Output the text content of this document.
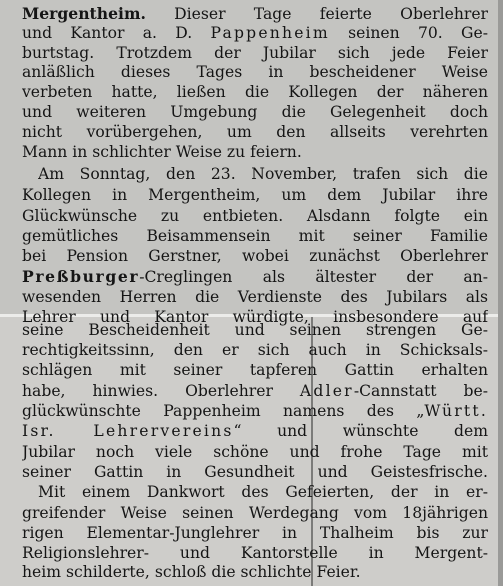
Mergentheim. Dieser Tage feierte Oberlehrer
und Kantor a. D. Pappenheim seinen 70. Ge-
burtstag. Trotzdem der Jubilar sich jede Feier
anläßlich dieses Tages in bescheidener Weise
verbeten hatte, ließen die Kollegen der näheren
und weiteren Umgebung die Gelegenheit doch
nicht vorübergehen, um den allseits verehrten
Mann in schlichter Weise zu feiern.
Am Sonntag, den 23. November, trafen sich die
Kollegen in Mergentheim, um dem Jubilar ihre
Glückwünsche zu entbieten. Alsdann folgte ein
gemütliches Beisammensein mit seiner Familie
bei Pension Gerstner, wobei zunächst Oberlehrer
Preßburger-Creglingen als ältester der an-
wesenden Herren die Verdienste des Jubilars als
Lehrer und Kantor würdigte, insbesondere auf
seine Bescheidenheit und seinen strengen Ge-
rechtigkeitssinn, den er sich auch in Schicksals-
schlägen mit seiner tapferen Gattin erhalten
habe, hinwies. Oberlehrer Adler-Cannstatt be-
glückwünschte Pappenheim namens des „Württ.
Isr. Lehrervereins“ und wünschte dem
Jubilar noch viele schöne und frohe Tage mit
seiner Gattin in Gesundheit und Geistesfrische.
Mit einem Dankwort des Gefeierten, der in er-
greifender Weise seinen Werdegang vom 18jährigen
rigen Elementar-Junglehrer in Thalheim bis zur
Religionslehrer- und Kantorstelle in Mergent-
heim schilderte, schloß die schlichte Feier.
